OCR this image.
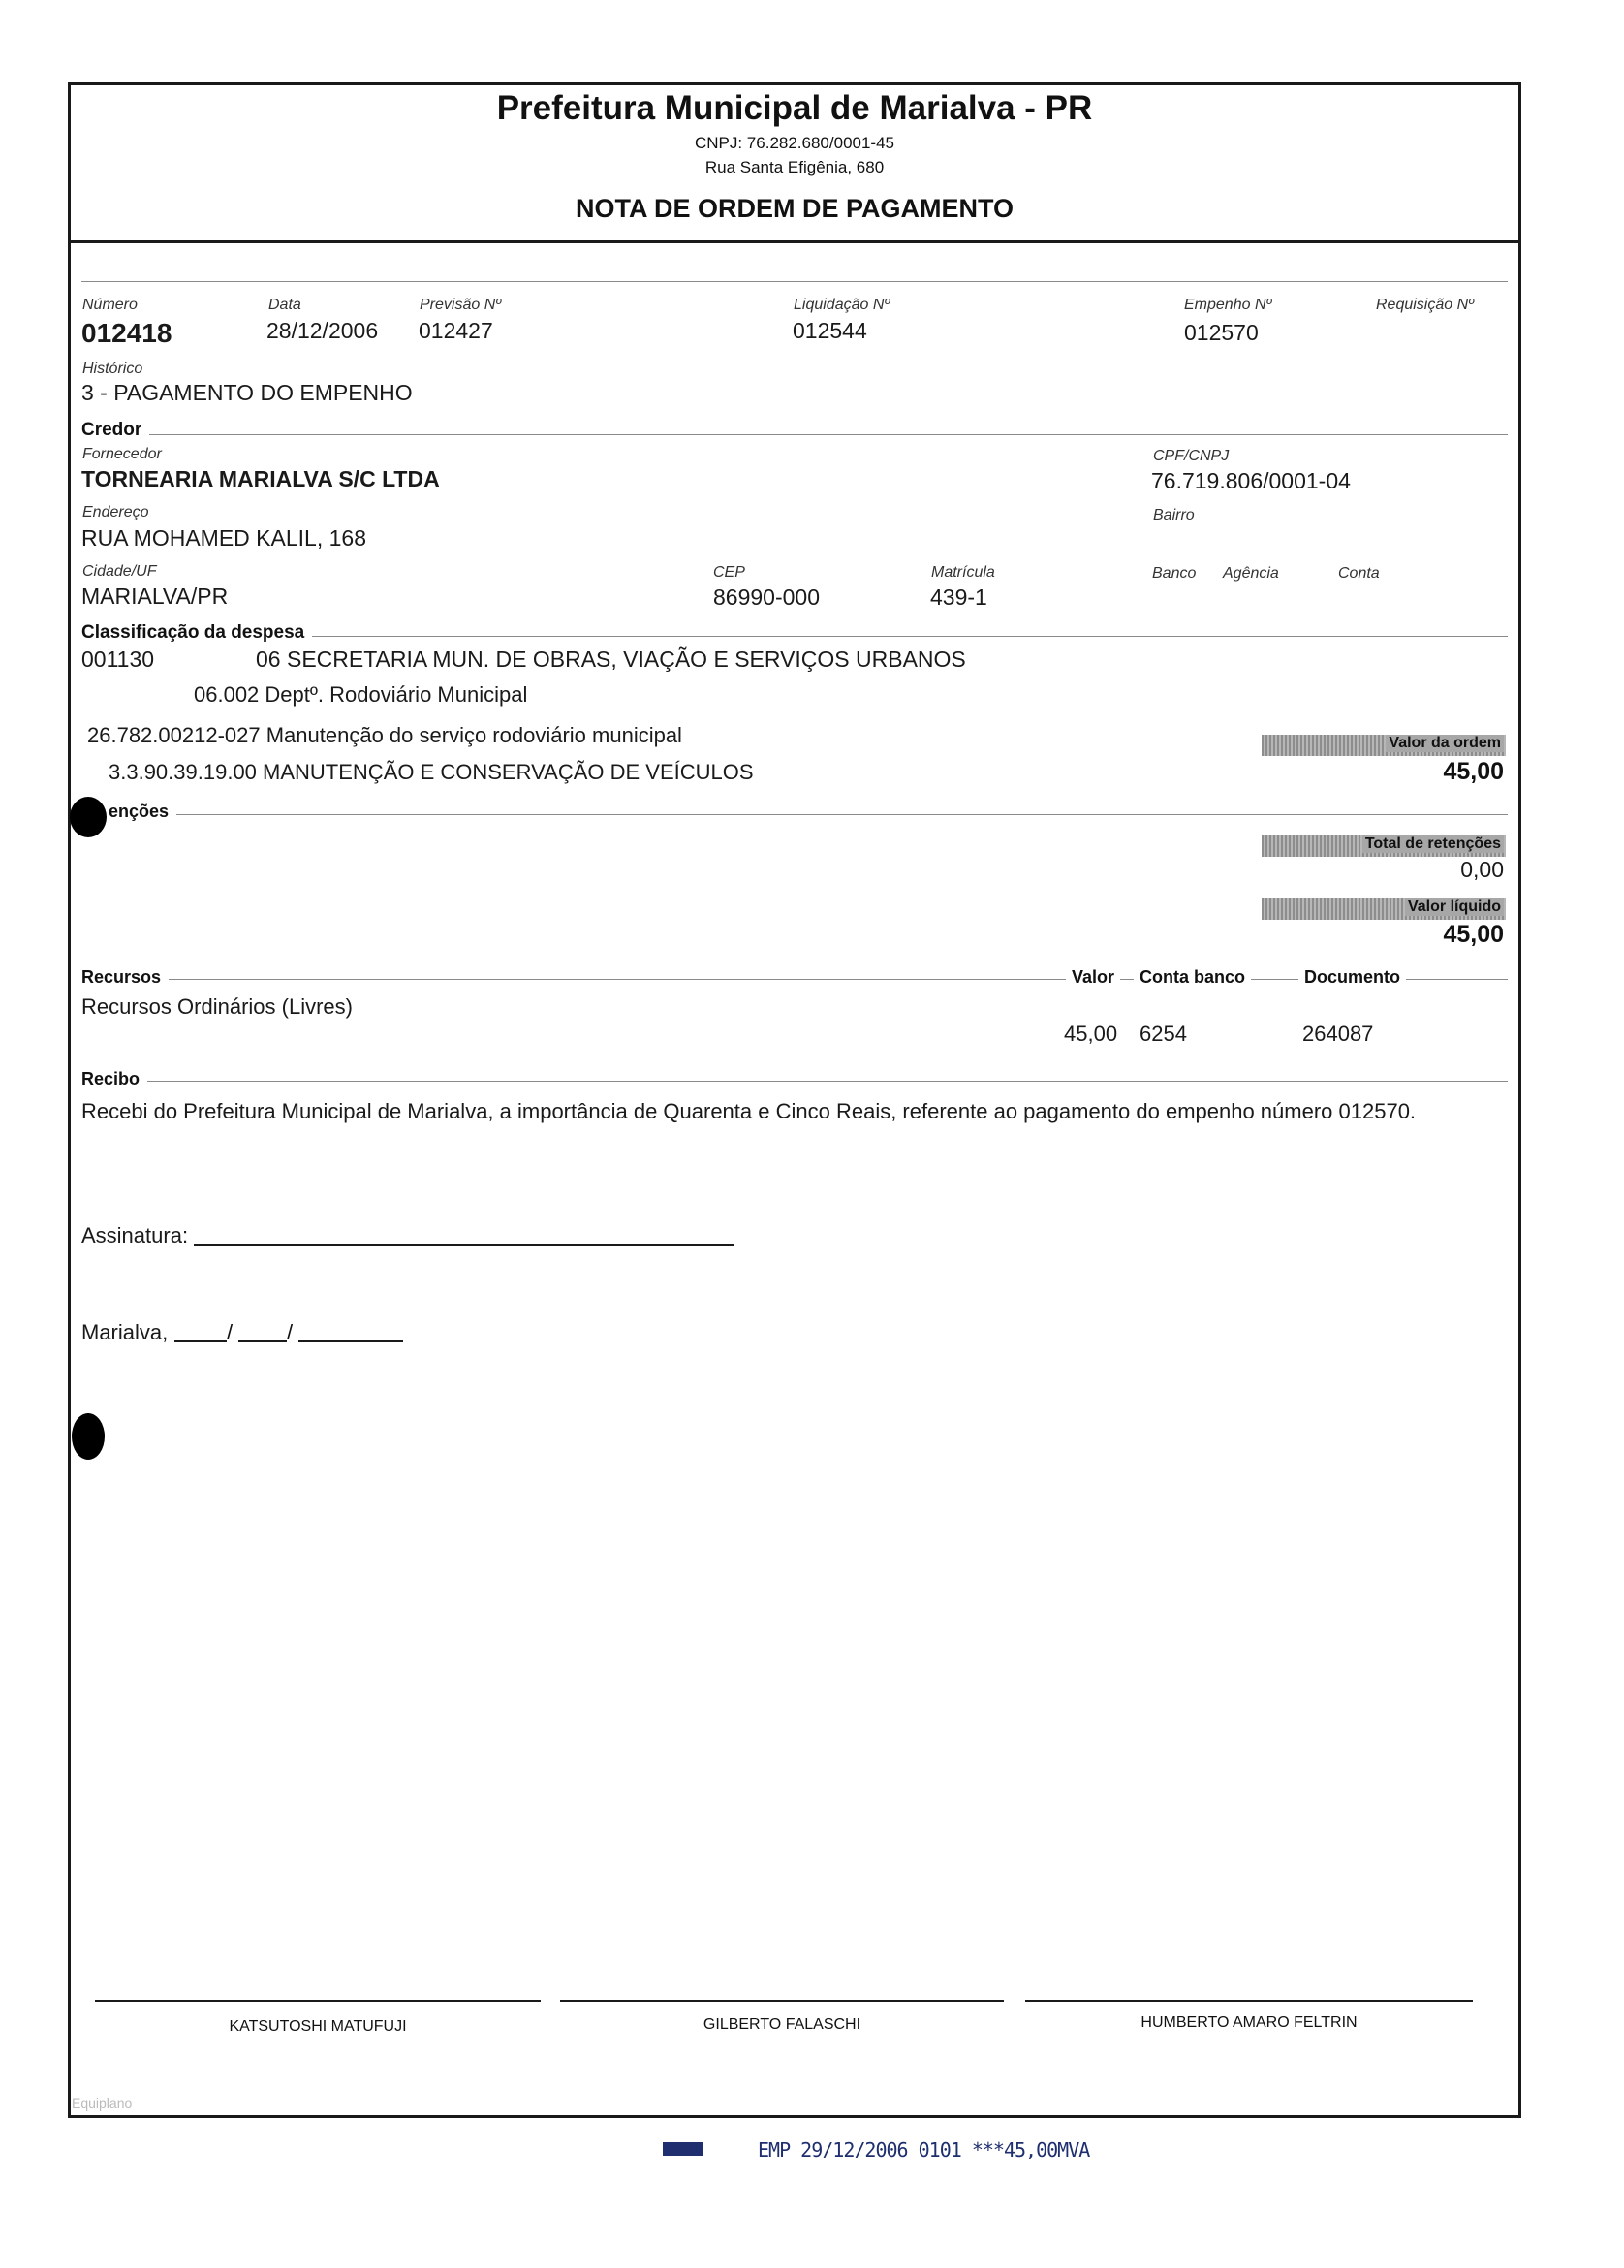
Prefeitura Municipal de Marialva - PR
CNPJ: 76.282.680/0001-45
Rua Santa Efigênia, 680
NOTA DE ORDEM DE PAGAMENTO
Número
012418
Data
28/12/2006
Previsão Nº
012427
Liquidação Nº
012544
Empenho Nº
012570
Requisição Nº
Histórico
3 - PAGAMENTO DO EMPENHO
Credor
Fornecedor
TORNEARIA MARIALVA S/C LTDA
CPF/CNPJ
76.719.806/0001-04
Endereço
RUA MOHAMED KALIL, 168
Bairro
Cidade/UF
MARIALVA/PR
CEP
86990-000
Matrícula
439-1
Banco Agência	Conta
Classificação da despesa
001130	06 SECRETARIA MUN. DE OBRAS, VIAÇÃO E SERVIÇOS URBANOS
06.002 Deptº. Rodoviário Municipal
26.782.00212-027 Manutenção do serviço rodoviário municipal
3.3.90.39.19.00 MANUTENÇÃO E CONSERVAÇÃO DE VEÍCULOS
Valor da ordem
45,00
enções
Total de retenções
0,00
Valor líquido
45,00
Recursos	Valor	Conta banco	Documento
Recursos Ordinários (Livres)
45,00 6254	264087
Recibo
Recebi do Prefeitura Municipal de Marialva, a importância de Quarenta e Cinco Reais, referente ao pagamento do empenho número 012570.
Assinatura:
Marialva,	/	/
KATSUTOSHI MATUFUJI	GILBERTO FALASCHI	HUMBERTO AMARO FELTRIN
Equiplano
EMP 29/12/2006 0101 ***45,00MVA
